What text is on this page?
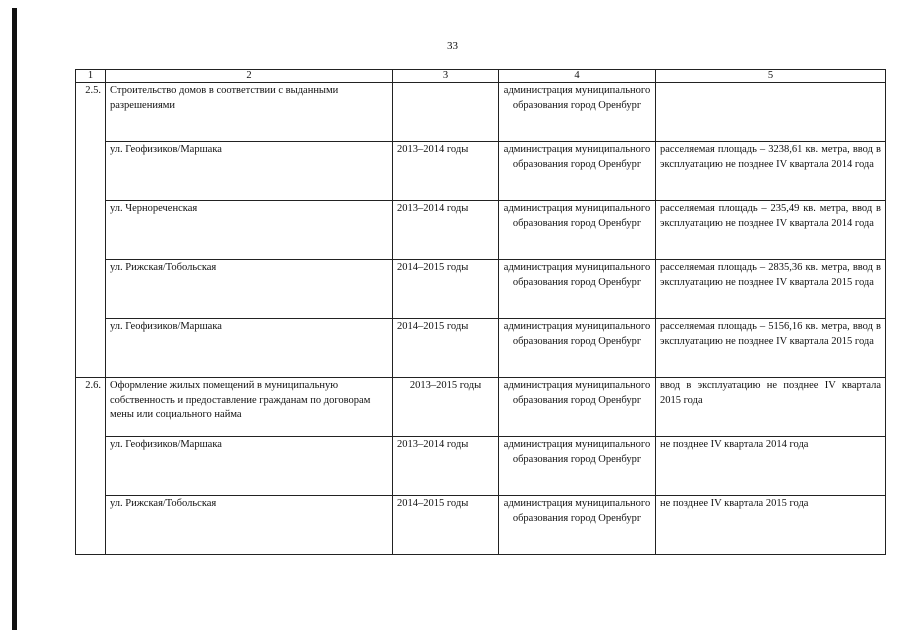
33
1	2	3	4	5
2.5.	Строительство домов в соответствии с выданными разрешениями		администрация муниципального образования город Оренбург	
	ул. Геофизиков/Маршака	2013–2014 годы	администрация муниципального образования город Оренбург	расселяемая площадь – 3238,61 кв. метра, ввод в эксплуатацию не позднее IV квартала 2014 года
	ул. Чернореченская	2013–2014 годы	администрация муниципального образования город Оренбург	расселяемая площадь – 235,49 кв. метра, ввод в эксплуатацию не позднее IV квартала 2014 года
	ул. Рижская/Тобольская	2014–2015 годы	администрация муниципального образования город Оренбург	расселяемая площадь – 2835,36 кв. метра, ввод в эксплуатацию не позднее IV квартала 2015 года
	ул. Геофизиков/Маршака	2014–2015 годы	администрация муниципального образования город Оренбург	расселяемая площадь – 5156,16 кв. метра, ввод в эксплуатацию не позднее IV квартала 2015 года
2.6.	Оформление жилых помещений в муниципальную собственность и предоставление гражданам по договорам мены или социального найма	2013–2015 годы	администрация муниципального образования город Оренбург	ввод в эксплуатацию не позднее IV квартала 2015 года
	ул. Геофизиков/Маршака	2013–2014 годы	администрация муниципального образования город Оренбург	не позднее IV квартала 2014 года
	ул. Рижская/Тобольская	2014–2015 годы	администрация муниципального образования город Оренбург	не позднее IV квартала 2015 года
